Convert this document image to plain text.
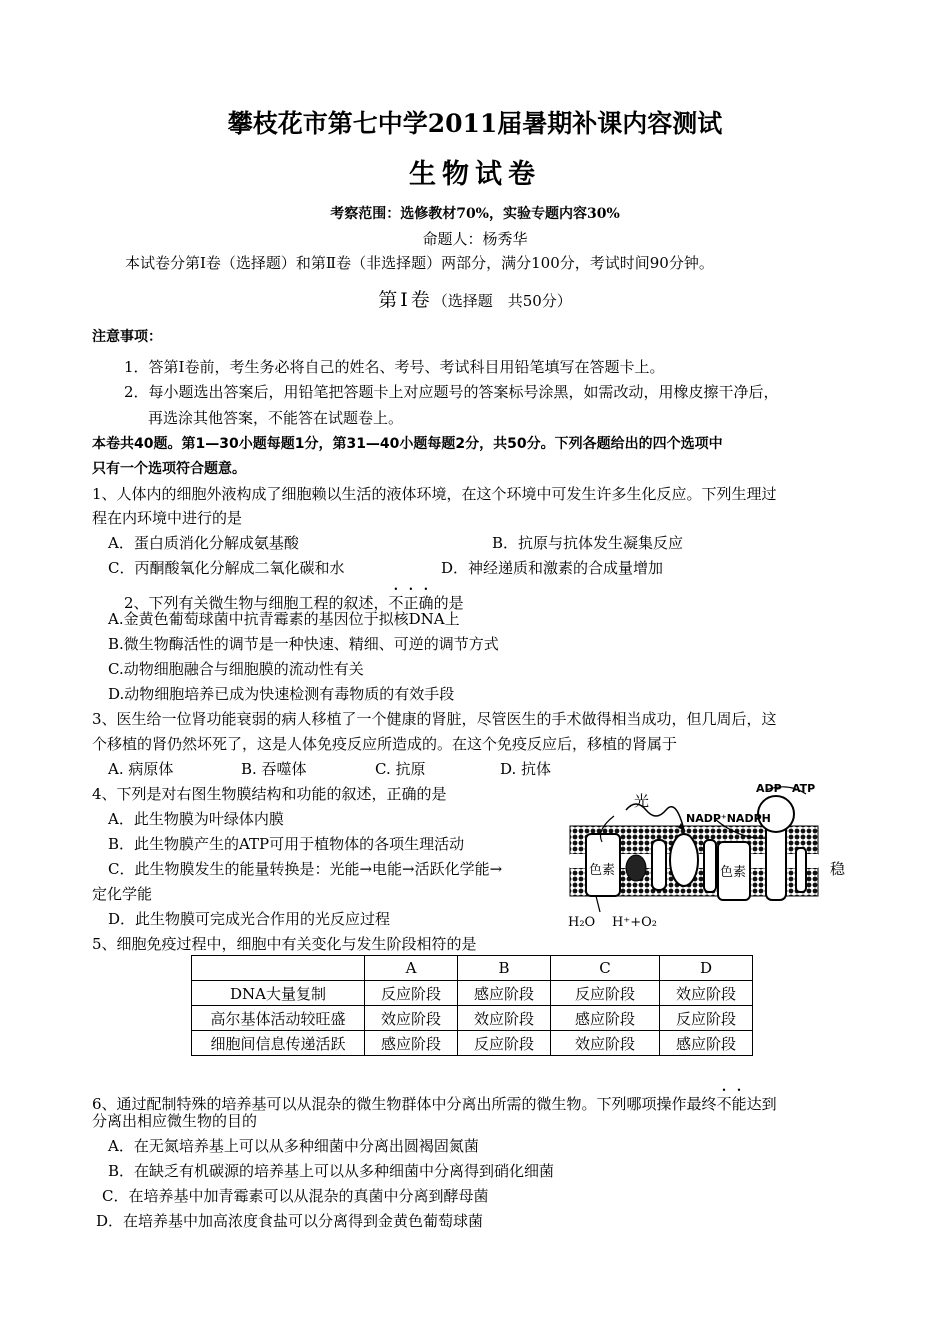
攀枝花市第七中学2011届暑期补课内容测试
生物试卷
考察范围：选修教材70%，实验专题内容30%
命题人：杨秀华
本试卷分第Ⅰ卷（选择题）和第Ⅱ卷（非选择题）两部分，满分100分，考试时间90分钟。
第Ⅰ卷（选择题　共50分）
注意事项：
1．答第Ⅰ卷前，考生务必将自己的姓名、考号、考试科目用铅笔填写在答题卡上。
2．每小题选出答案后，用铅笔把答题卡上对应题号的答案标号涂黑，如需改动，用橡皮擦干净后，
再选涂其他答案，不能答在试题卷上。
本卷共40题。第1—30小题每题1分，第31—40小题每题2分，共50分。下列各题给出的四个选项中
只有一个选项符合题意。
1、人体内的细胞外液构成了细胞赖以生活的液体环境，在这个环境中可发生许多生化反应。下列生理过
程在内环境中进行的是
A．蛋白质消化分解成氨基酸	B．抗原与抗体发生凝集反应
C．丙酮酸氧化分解成二氧化碳和水	D．神经递质和激素的合成量增加
2、下列有关微生物与细胞工程的叙述，不正确的是
A.金黄色葡萄球菌中抗青霉素的基因位于拟核DNA上
B.微生物酶活性的调节是一种快速、精细、可逆的调节方式
C.动物细胞融合与细胞膜的流动性有关
D.动物细胞培养已成为快速检测有毒物质的有效手段
3、医生给一位肾功能衰弱的病人移植了一个健康的肾脏，尽管医生的手术做得相当成功，但几周后，这
个移植的肾仍然坏死了，这是人体免疫反应所造成的。在这个免疫反应后，移植的肾属于
A. 病原体	B. 吞噬体	C. 抗原	D. 抗体
4、下列是对右图生物膜结构和功能的叙述，正确的是
A．此生物膜为叶绿体内膜
B．此生物膜产生的ATP可用于植物体的各项生理活动
C．此生物膜发生的能量转换是：光能→电能→活跃化学能→	稳
定化学能
D．此生物膜可完成光合作用的光反应过程
光
ADP ATP
NADP⁺NADPH
色素	色素
H₂O H⁺+O₂
5、细胞免疫过程中，细胞中有关变化与发生阶段相符的是
	A	B	C	D
DNA大量复制	反应阶段	感应阶段	反应阶段	效应阶段
高尔基体活动较旺盛	效应阶段	效应阶段	感应阶段	反应阶段
细胞间信息传递活跃	感应阶段	反应阶段	效应阶段	感应阶段
6、通过配制特殊的培养基可以从混杂的微生物群体中分离出所需的微生物。下列哪项操作最终不能达到
分离出相应微生物的目的
A．在无氮培养基上可以从多种细菌中分离出圆褐固氮菌
B．在缺乏有机碳源的培养基上可以从多种细菌中分离得到硝化细菌
C．在培养基中加青霉素可以从混杂的真菌中分离到酵母菌
D．在培养基中加高浓度食盐可以分离得到金黄色葡萄球菌
